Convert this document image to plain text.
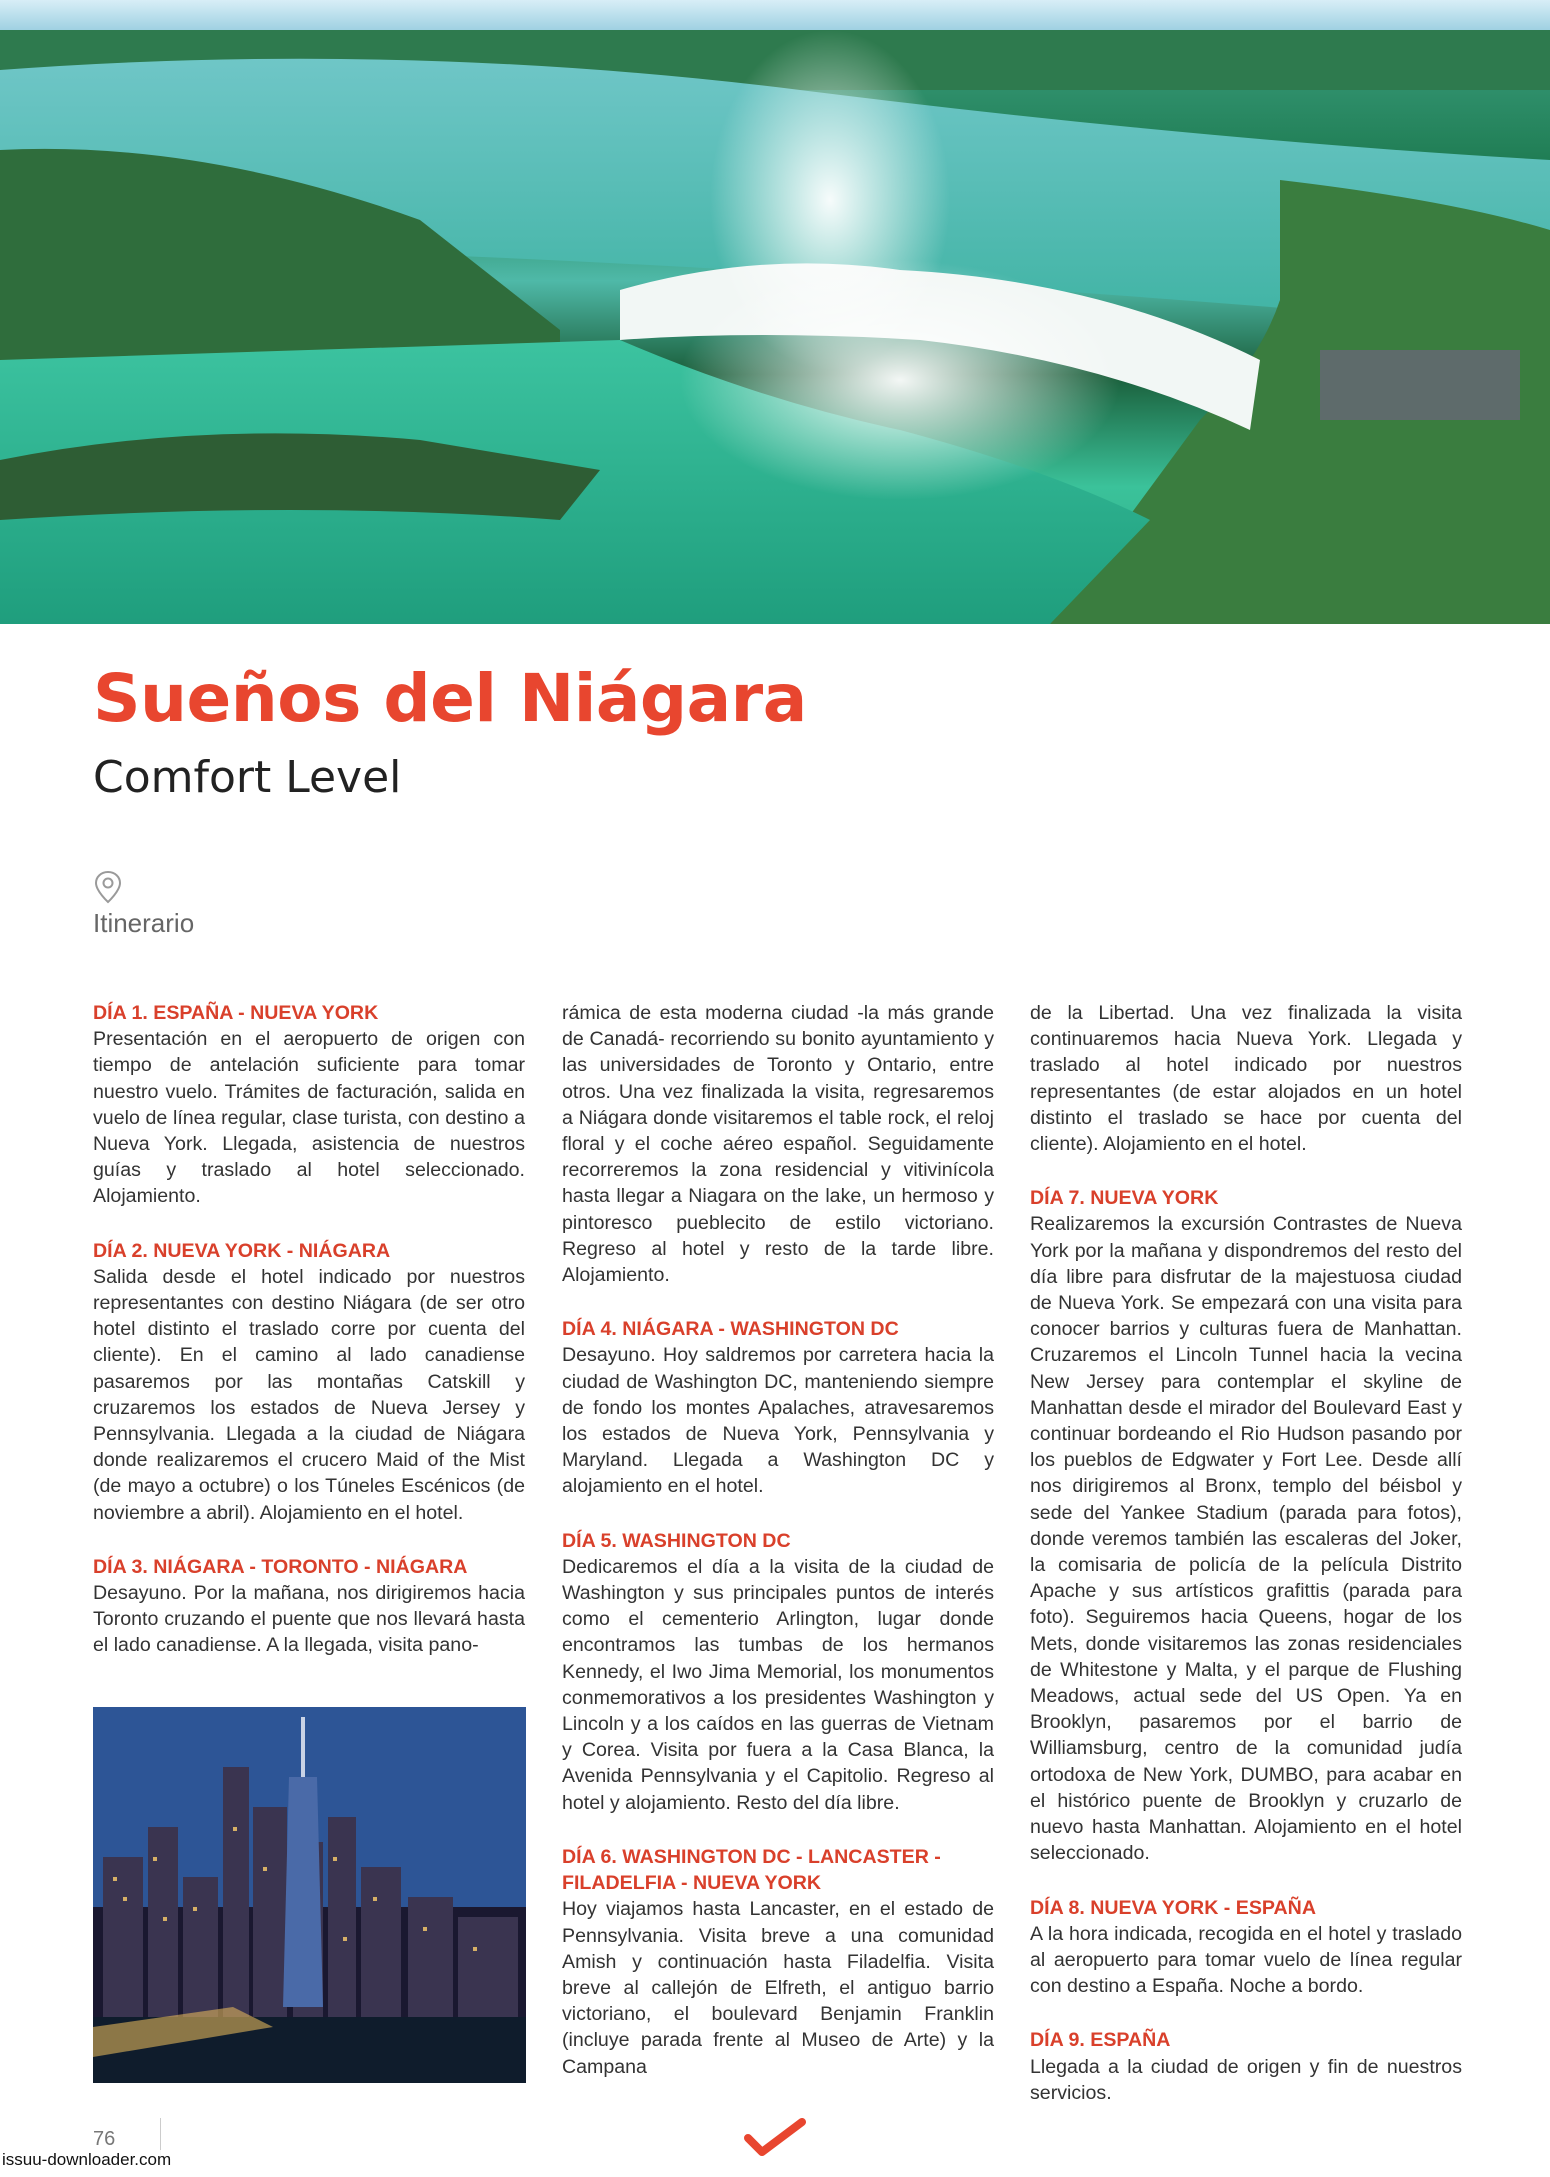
Sueños del Niágara
Comfort Level
Itinerario

DÍA 1. ESPAÑA - NUEVA YORK

Presentación en el aeropuerto de origen con tiempo de antelación suficiente para tomar nuestro vuelo. Trámites de facturación, salida en vuelo de línea regular, clase turista, con destino a Nueva York. Llegada, asistencia de nuestros guías y traslado al hotel seleccionado. Alojamiento.

DÍA 2. NUEVA YORK - NIÁGARA

Salida desde el hotel indicado por nuestros representantes con destino Niágara (de ser otro hotel distinto el traslado corre por cuenta del cliente). En el camino al lado canadiense pasaremos por las montañas Catskill y cruzaremos los estados de Nueva Jersey y Pennsylvania. Llegada a la ciudad de Niágara donde realizaremos el crucero Maid of the Mist (de mayo a octubre) o los Túneles Escénicos (de noviembre a abril). Alojamiento en el hotel.

DÍA 3. NIÁGARA - TORONTO - NIÁGARA

Desayuno. Por la mañana, nos dirigiremos hacia Toronto cruzando el puente que nos llevará hasta el lado canadiense. A la llegada, visita pano-

rámica de esta moderna ciudad -la más grande de Canadá- recorriendo su bonito ayuntamiento y las universidades de Toronto y Ontario, entre otros. Una vez finalizada la visita, regresaremos a Niágara donde visitaremos el table rock, el reloj floral y el coche aéreo español. Seguidamente recorreremos la zona residencial y vitivinícola hasta llegar a Niagara on the lake, un hermoso y pintoresco pueblecito de estilo victoriano. Regreso al hotel y resto de la tarde libre. Alojamiento.

DÍA 4. NIÁGARA - WASHINGTON DC

Desayuno. Hoy saldremos por carretera hacia la ciudad de Washington DC, manteniendo siempre de fondo los montes Apalaches, atravesaremos los estados de Nueva York, Pennsylvania y Maryland. Llegada a Washington DC y alojamiento en el hotel.

DÍA 5. WASHINGTON DC

Dedicaremos el día a la visita de la ciudad de Washington y sus principales puntos de interés como el cementerio Arlington, lugar donde encontramos las tumbas de los hermanos Kennedy, el Iwo Jima Memorial, los monumentos conmemorativos a los presidentes Washington y Lincoln y a los caídos en las guerras de Vietnam y Corea. Visita por fuera a la Casa Blanca, la Avenida Pennsylvania y el Capitolio. Regreso al hotel y alojamiento. Resto del día libre.

DÍA 6. WASHINGTON DC - LANCASTER - FILADELFIA - NUEVA YORK

Hoy viajamos hasta Lancaster, en el estado de Pennsylvania. Visita breve a una comunidad Amish y continuación hasta Filadelfia. Visita breve al callejón de Elfreth, el antiguo barrio victoriano, el boulevard Benjamin Franklin (incluye parada frente al Museo de Arte) y la Campana

de la Libertad. Una vez finalizada la visita continuaremos hacia Nueva York. Llegada y traslado al hotel indicado por nuestros representantes (de estar alojados en un hotel distinto el traslado se hace por cuenta del cliente). Alojamiento en el hotel.

DÍA 7. NUEVA YORK

Realizaremos la excursión Contrastes de Nueva York por la mañana y dispondremos del resto del día libre para disfrutar de la majestuosa ciudad de Nueva York. Se empezará con una visita para conocer barrios y culturas fuera de Manhattan. Cruzaremos el Lincoln Tunnel hacia la vecina New Jersey para contemplar el skyline de Manhattan desde el mirador del Boulevard East y continuar bordeando el Rio Hudson pasando por los pueblos de Edgwater y Fort Lee. Desde allí nos dirigiremos al Bronx, templo del béisbol y sede del Yankee Stadium (parada para fotos), donde veremos también las escaleras del Joker, la comisaria de policía de la película Distrito Apache y sus artísticos grafittis (parada para foto). Seguiremos hacia Queens, hogar de los Mets, donde visitaremos las zonas residenciales de Whitestone y Malta, y el parque de Flushing Meadows, actual sede del US Open. Ya en Brooklyn, pasaremos por el barrio de Williamsburg, centro de la comunidad judía ortodoxa de New York, DUMBO, para acabar en el histórico puente de Brooklyn y cruzarlo de nuevo hasta Manhattan. Alojamiento en el hotel seleccionado.

DÍA 8. NUEVA YORK - ESPAÑA

A la hora indicada, recogida en el hotel y traslado al aeropuerto para tomar vuelo de línea regular con destino a España. Noche a bordo.

DÍA 9. ESPAÑA

Llegada a la ciudad de origen y fin de nuestros servicios.

76
issuu-downloader.com
